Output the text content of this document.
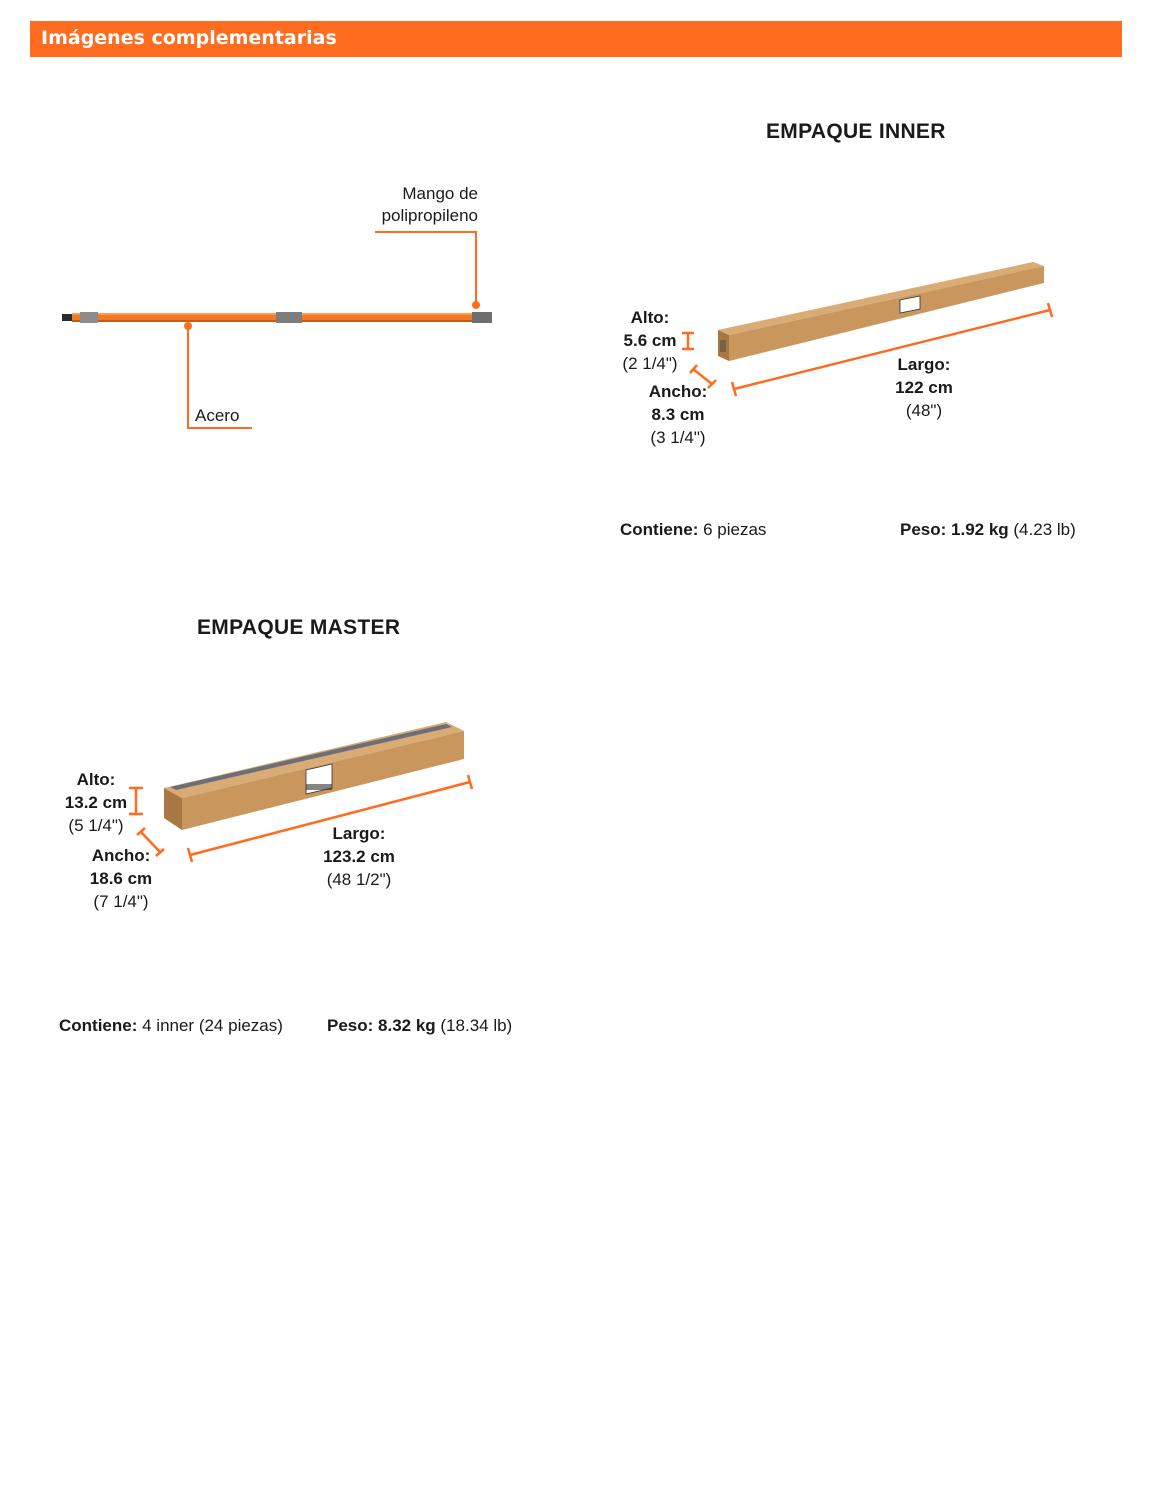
Imágenes complementarias
Mango de
polipropileno
Acero
EMPAQUE INNER
Alto:
5.6 cm
(2 1/4")
Ancho:
8.3 cm
(3 1/4")
Largo:
122 cm
(48")
Contiene: 6 piezas	Peso: 1.92 kg (4.23 lb)
EMPAQUE MASTER
Alto:
13.2 cm
(5 1/4")
Ancho:
18.6 cm
(7 1/4")
Largo:
123.2 cm
(48 1/2")
Contiene: 4 inner (24 piezas)	Peso: 8.32 kg (18.34 lb)
